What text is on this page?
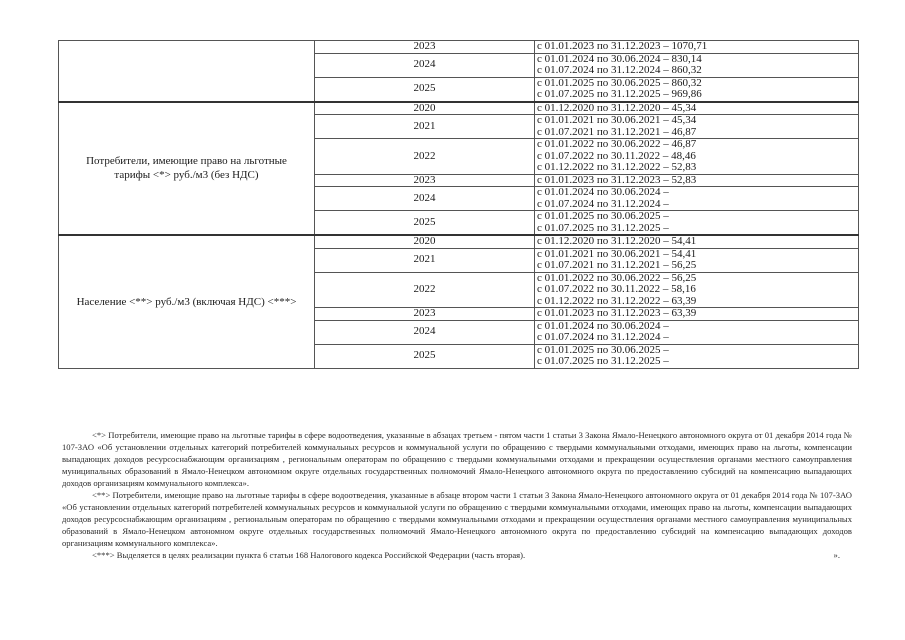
	2023	с 01.01.2023 по 31.12.2023 – 1070,71

	2024	с 01.01.2024 по 30.06.2024 – 830,14
с 01.07.2024 по 31.12.2024 – 860,32

	2025	с 01.01.2025 по 30.06.2025 – 860,32
с 01.07.2025 по 31.12.2025 – 969,86

Потребители, имеющие право на льготные тарифы <*> руб./м3 (без НДС)	2020	с 01.12.2020 по 31.12.2020 – 45,34

	2021	с 01.01.2021 по 30.06.2021 – 45,34
с 01.07.2021 по 31.12.2021 – 46,87

	2022	с 01.01.2022 по 30.06.2022 – 46,87
с 01.07.2022 по 30.11.2022 – 48,46
с 01.12.2022 по 31.12.2022 – 52,83

	2023	с 01.01.2023 по 31.12.2023 – 52,83

	2024	с 01.01.2024 по 30.06.2024 –
с 01.07.2024 по 31.12.2024 –

	2025	с 01.01.2025 по 30.06.2025 –
с 01.07.2025 по 31.12.2025 –

Население <**> руб./м3 (включая НДС) <***>	2020	с 01.12.2020 по 31.12.2020 – 54,41

	2021	с 01.01.2021 по 30.06.2021 – 54,41
с 01.07.2021 по 31.12.2021 – 56,25

	2022	с 01.01.2022 по 30.06.2022 – 56,25
с 01.07.2022 по 30.11.2022 – 58,16
с 01.12.2022 по 31.12.2022 – 63,39

	2023	с 01.01.2023 по 31.12.2023 – 63,39

	2024	с 01.01.2024 по 30.06.2024 –
с 01.07.2024 по 31.12.2024 –

	2025	с 01.01.2025 по 30.06.2025 –
с 01.07.2025 по 31.12.2025 –

<*> Потребители, имеющие право на льготные тарифы в сфере водоотведения, указанные в абзацах третьем - пятом части 1 статьи 3 Закона Ямало-Ненецкого автономного округа от 01 декабря 2014 года № 107-ЗАО «Об установлении отдельных категорий потребителей коммунальных ресурсов и коммунальной услуги по обращению с твердыми коммунальными отходами, имеющих право на льготы, компенсации выпадающих доходов ресурсоснабжающим организациям , региональным операторам по обращению с твердыми коммунальными отходами и прекращении осуществления органами местного самоуправления муниципальных образований в Ямало-Ненецком автономном округе отдельных государственных полномочий Ямало-Ненецкого автономного округа по предоставлению субсидий на компенсацию выпадающих доходов организациям коммунального комплекса».

<**> Потребители, имеющие право на льготные тарифы в сфере водоотведения, указанные в абзаце втором части 1 статьи 3 Закона Ямало-Ненецкого автономного округа от 01 декабря 2014 года № 107-ЗАО «Об установлении отдельных категорий потребителей коммунальных ресурсов и коммунальной услуги по обращению с твердыми коммунальными отходами, имеющих право на льготы, компенсации выпадающих доходов ресурсоснабжающим организациям , региональным операторам по обращению с твердыми коммунальными отходами и прекращении осуществления органами местного самоуправления муниципальных образований в Ямало-Ненецком автономном округе отдельных государственных полномочий Ямало-Ненецкого автономного округа по предоставлению субсидий на компенсацию выпадающих доходов организациям коммунального комплекса».

<***> Выделяется в целях реализации пункта 6 статьи 168 Налогового кодекса Российской Федерации (часть вторая).	».
